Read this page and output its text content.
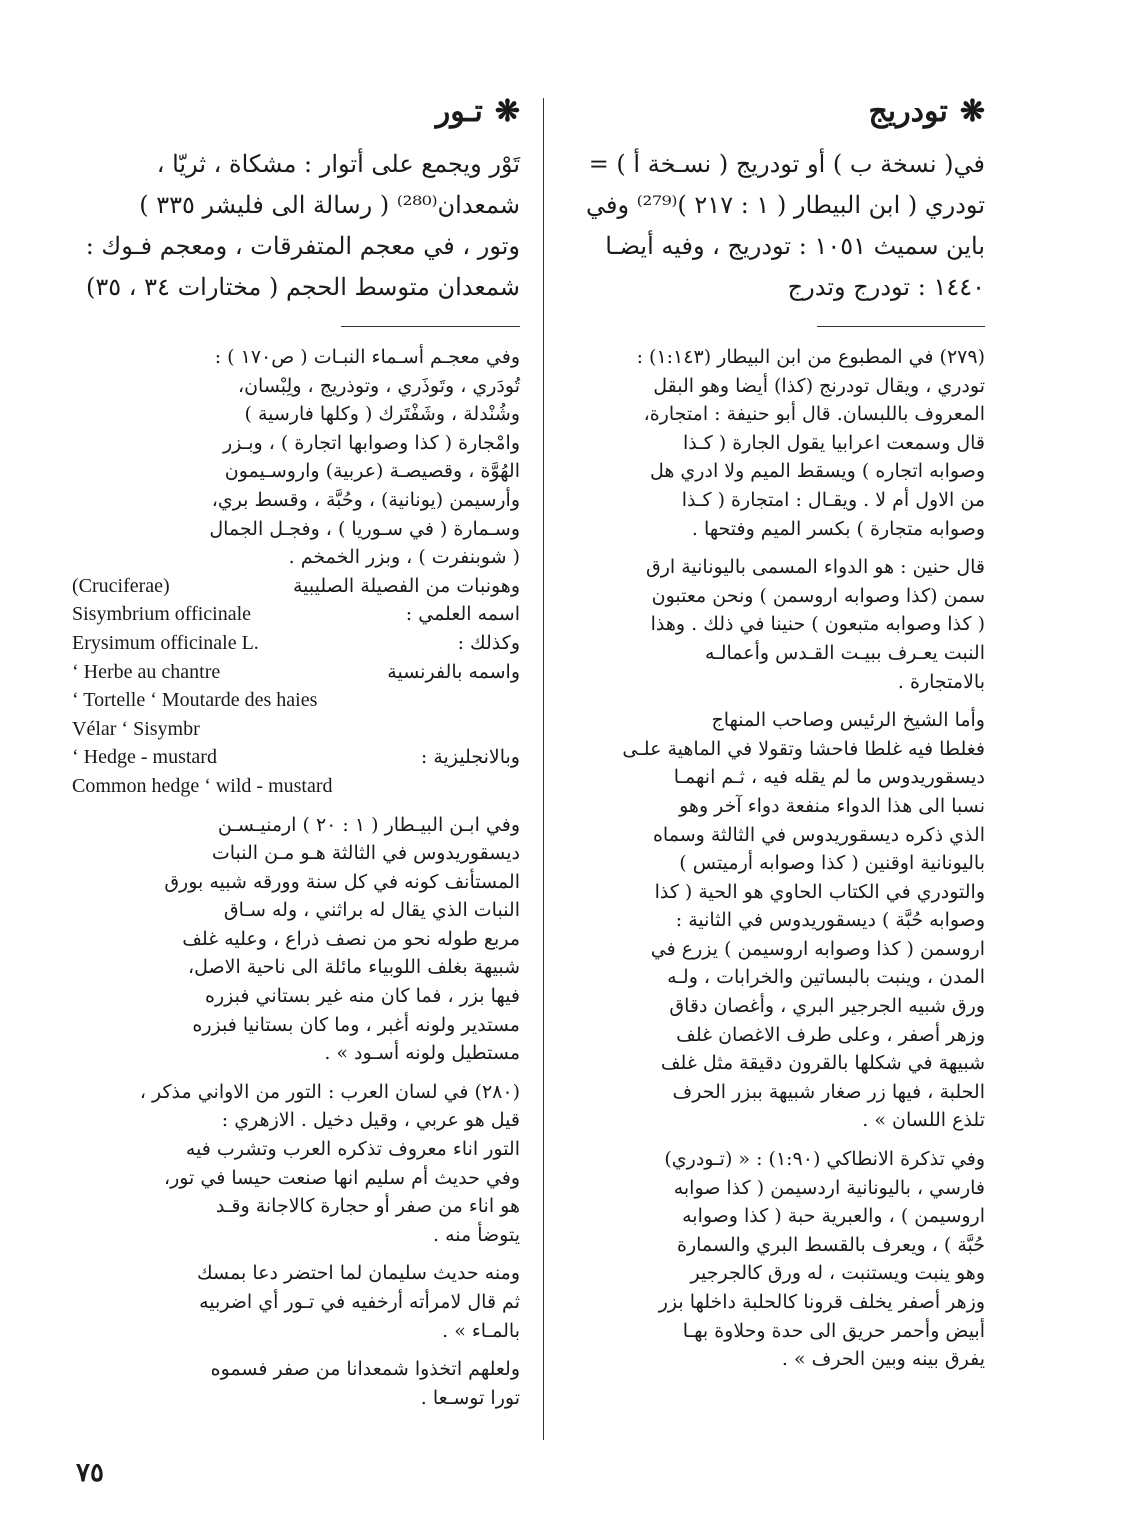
❋
تودريج
في( نسخة ب ) أو تودريج ( نسـخة أ ) =
تودري ( ابن البيطار ( ١ : ٢١٧ )⁽²⁷⁹⁾ وفي
باين سميث ١٠٥١ : تودريج ، وفيه أيضـا
١٤٤٠ : تودرج وتدرج
(٢٧٩) في المطبوع من ابن البيطار (١:١٤٣) :
تودري ، ويقال تودرنج (كذا) أيضا وهو البقل
المعروف باللبسان. قال أبو حنيفة : امتجارة،
قال وسمعت اعرابيا يقول الجارة ( كـذا
وصوابه اتجاره ) ويسقط الميم ولا ادري هل
من الاول أم لا . ويقـال : امتجارة ( كـذا
وصوابه متجارة ) بكسر الميم وفتحها .
قال حنين : هو الدواء المسمى باليونانية ارق
سمن (كذا وصوابه اروسمن ) ونحن معتبون
( كذا وصوابه متبعون ) حنينا في ذلك . وهذا
النبت يعـرف ببيـت القـدس وأعمالـه
بالامتجارة .
وأما الشيخ الرئيس وصاحب المنهاج
فغلطا فيه غلطا فاحشا وتقولا في الماهية علـى
ديسقوريدوس ما لم يقله فيه ، ثـم انهمـا
نسبا الى هذا الدواء منفعة دواء آخر وهو
الذي ذكره ديسقوريدوس في الثالثة وسماه
باليونانية اوقنين ( كذا وصوابه أرميتس )
والتودري في الكتاب الحاوي هو الحية ( كذا
وصوابه حُبَّة ) ديسقوريدوس في الثانية :
اروسمن ( كذا وصوابه اروسيمن ) يزرع في
المدن ، وينبت بالبساتين والخرابات ، ولـه
ورق شبيه الجرجير البري ، وأغصان دقاق
وزهر أصفر ، وعلى طرف الاغصان غلف
شبيهة في شكلها بالقرون دقيقة مثل غلف
الحلبة ، فيها زر صغار شبيهة ببزر الحرف
تلذع اللسان » .
وفي تذكرة الانطاكي (١:٩٠) : « (تـودري)
فارسي ، باليونانية اردسيمن ( كذا صوابه
اروسيمن ) ، والعبرية حبة ( كذا وصوابه
حُبَّة ) ، ويعرف بالقسط البري والسمارة
وهو ينبت ويستنبت ، له ورق كالجرجير
وزهر أصفر يخلف قرونا كالحلبة داخلها بزر
أبيض وأحمر حريق الى حدة وحلاوة بهـا
يفرق بينه وبين الحرف » .
❋
تـور
تَوْر ويجمع على أتوار : مشكاة ، ثريّا ،
شمعدان⁽²⁸⁰⁾ ( رسالة الى فليشر ٣٣٥ )
وتور ، في معجم المتفرقات ، ومعجم فـوك :
شمعدان متوسط الحجم ( مختارات ٣٤ ، ٣٥)
وفي معجـم أسـماء النبـات ( ص١٧٠ ) :
تُودَري ، وتَوذَري ، وتوذريج ، ولِبْسان،
وشُنْدلة ، وشَفْتَرك ( وكلها فارسية )
وامْجارة ( كذا وصوابها اتجارة ) ، وبـزر
الهُوَّة ، وقصيصـة (عربية) واروسـيمون
وأرسيمن (يونانية) ، وحُبَّة ، وقسط بري،
وسـمارة ( في سـوريا ) ، وفجـل الجمال
( شوبنفرت ) ، وبزر الخمخم .
وهونبات من الفصيلة الصليبية
(Cruciferae)
اسمه العلمي :
Sisymbrium officinale
وكذلك :
Erysimum officinale L.
واسمه بالفرنسية
‘ Herbe au chantre
‘ Tortelle ‘ Moutarde des haies
Vélar ‘ Sisymbr
وبالانجليزية :
‘ Hedge - mustard
Common hedge ‘ wild - mustard
وفي ابـن البيـطار ( ١ : ٢٠ ) ارمنيـسـن
ديسقوريدوس في الثالثة هـو مـن النبات
المستأنف كونه في كل سنة وورقه شبيه بورق
النبات الذي يقال له براثني ، وله سـاق
مربع طوله نحو من نصف ذراع ، وعليه غلف
شبيهة بغلف اللوبياء مائلة الى ناحية الاصل،
فيها بزر ، فما كان منه غير بستاني فبزره
مستدير ولونه أغبر ، وما كان بستانيا فبزره
مستطيل ولونه أسـود » .
(٢٨٠) في لسان العرب : التور من الاواني مذكر ،
قيل هو عربي ، وقيل دخيل . الازهري :
التور اناء معروف تذكره العرب وتشرب فيه
وفي حديث أم سليم انها صنعت حيسا في تور،
هو اناء من صفر أو حجارة كالاجانة وقـد
يتوضأ منه .
ومنه حديث سليمان لما احتضر دعا بمسك
ثم قال لامرأته أرخفيه في تـور أي اضربيه
بالمـاء » .
ولعلهم اتخذوا شمعدانا من صفر فسموه
تورا توسـعا .
٧٥
